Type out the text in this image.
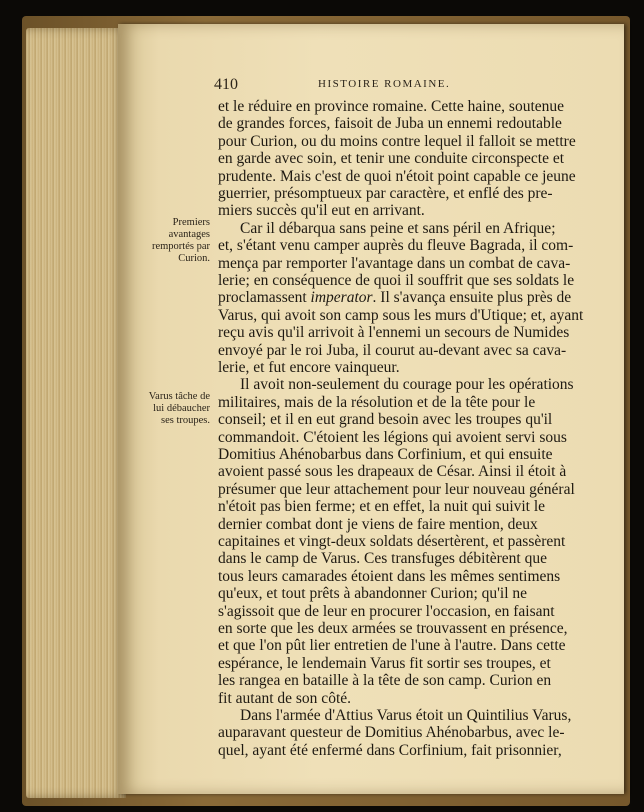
410	HISTOIRE ROMAINE.
Premiers avantages remportés par Curion.
Varus tâche de lui débaucher ses troupes.
et le réduire en province romaine. Cette haine, soutenue
de grandes forces, faisoit de Juba un ennemi redoutable
pour Curion, ou du moins contre lequel il falloit se mettre
en garde avec soin, et tenir une conduite circonspecte et
prudente. Mais c'est de quoi n'étoit point capable ce jeune
guerrier, présomptueux par caractère, et enflé des pre-
miers succès qu'il eut en arrivant.
Car il débarqua sans peine et sans péril en Afrique;
et, s'étant venu camper auprès du fleuve Bagrada, il com-
mença par remporter l'avantage dans un combat de cava-
lerie; en conséquence de quoi il souffrit que ses soldats le
proclamassent imperator. Il s'avança ensuite plus près de
Varus, qui avoit son camp sous les murs d'Utique; et, ayant
reçu avis qu'il arrivoit à l'ennemi un secours de Numides
envoyé par le roi Juba, il courut au-devant avec sa cava-
lerie, et fut encore vainqueur.
Il avoit non-seulement du courage pour les opérations
militaires, mais de la résolution et de la tête pour le
conseil; et il en eut grand besoin avec les troupes qu'il
commandoit. C'étoient les légions qui avoient servi sous
Domitius Ahénobarbus dans Corfinium, et qui ensuite
avoient passé sous les drapeaux de César. Ainsi il étoit à
présumer que leur attachement pour leur nouveau général
n'étoit pas bien ferme; et en effet, la nuit qui suivit le
dernier combat dont je viens de faire mention, deux
capitaines et vingt-deux soldats désertèrent, et passèrent
dans le camp de Varus. Ces transfuges débitèrent que
tous leurs camarades étoient dans les mêmes sentimens
qu'eux, et tout prêts à abandonner Curion; qu'il ne
s'agissoit que de leur en procurer l'occasion, en faisant
en sorte que les deux armées se trouvassent en présence,
et que l'on pût lier entretien de l'une à l'autre. Dans cette
espérance, le lendemain Varus fit sortir ses troupes, et
les rangea en bataille à la tête de son camp. Curion en
fit autant de son côté.
Dans l'armée d'Attius Varus étoit un Quintilius Varus,
auparavant questeur de Domitius Ahénobarbus, avec le-
quel, ayant été enfermé dans Corfinium, fait prisonnier,
